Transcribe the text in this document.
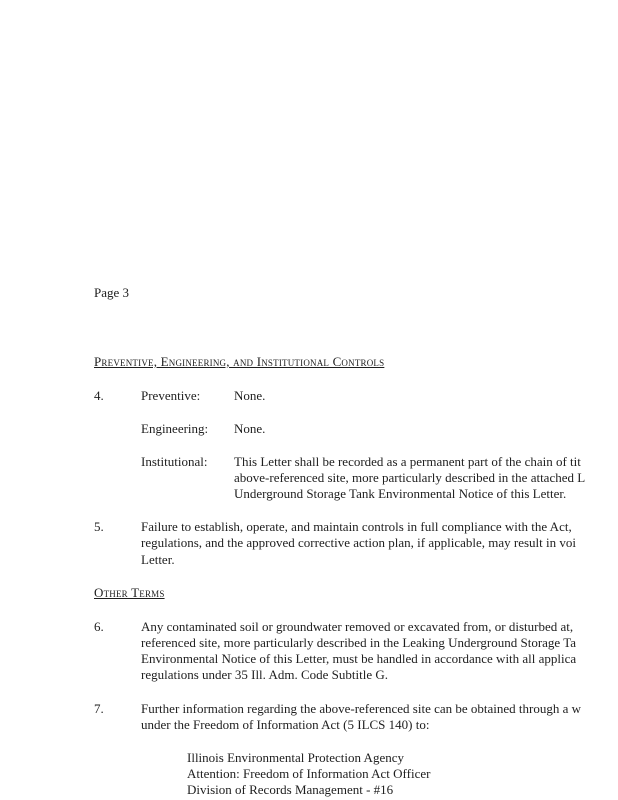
Page 3
Preventive, Engineering, and Institutional Controls
4.	Preventive:	None.
Engineering: None.
Institutional: This Letter shall be recorded as a permanent part of the chain of tit
above-referenced site, more particularly described in the attached L
Underground Storage Tank Environmental Notice of this Letter.
5.	Failure to establish, operate, and maintain controls in full compliance with the Act,
regulations, and the approved corrective action plan, if applicable, may result in voi
Letter.
Other Terms
6.	Any contaminated soil or groundwater removed or excavated from, or disturbed at,
referenced site, more particularly described in the Leaking Underground Storage Ta
Environmental Notice of this Letter, must be handled in accordance with all applica
regulations under 35 Ill. Adm. Code Subtitle G.
7.	Further information regarding the above-referenced site can be obtained through a w
under the Freedom of Information Act (5 ILCS 140) to:
Illinois Environmental Protection Agency
Attention: Freedom of Information Act Officer
Division of Records Management - #16
